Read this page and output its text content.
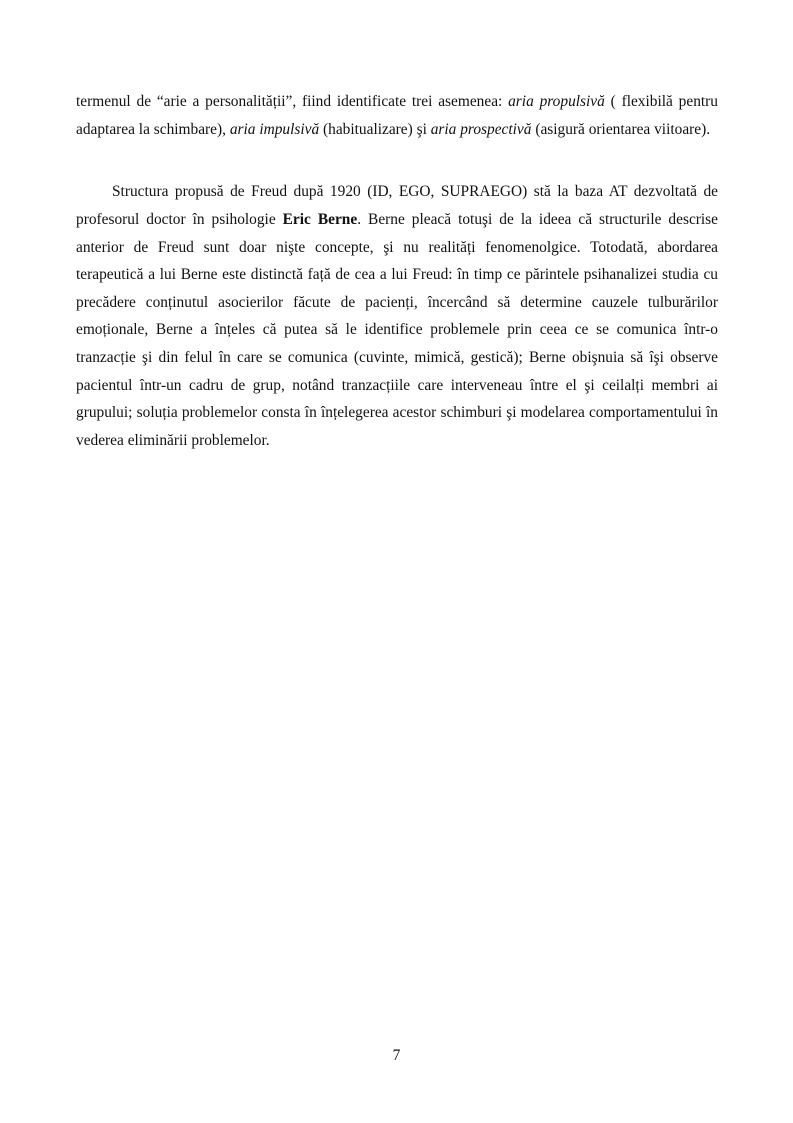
termenul de “arie a personalității”, fiind identificate trei asemenea: aria propulsivă ( flexibilă pentru adaptarea la schimbare), aria impulsivă (habitualizare) şi aria prospectivă (asigură orientarea viitoare).

Structura propusă de Freud după 1920 (ID, EGO, SUPRAEGO) stă la baza AT dezvoltată de profesorul doctor în psihologie Eric Berne. Berne pleacă totuşi de la ideea că structurile descrise anterior de Freud sunt doar nişte concepte, şi nu realități fenomenolgice. Totodată, abordarea terapeutică a lui Berne este distinctă față de cea a lui Freud: în timp ce părintele psihanalizei studia cu precădere conținutul asocierilor făcute de pacienți, încercând să determine cauzele tulburărilor emoționale, Berne a înțeles că putea să le identifice problemele prin ceea ce se comunica într-o tranzacție şi din felul în care se comunica (cuvinte, mimică, gestică); Berne obişnuia să îşi observe pacientul într-un cadru de grup, notând tranzacțiile care interveneau între el şi ceilalți membri ai grupului; soluția problemelor consta în înțelegerea acestor schimburi şi modelarea comportamentului în vederea eliminării problemelor.

7
